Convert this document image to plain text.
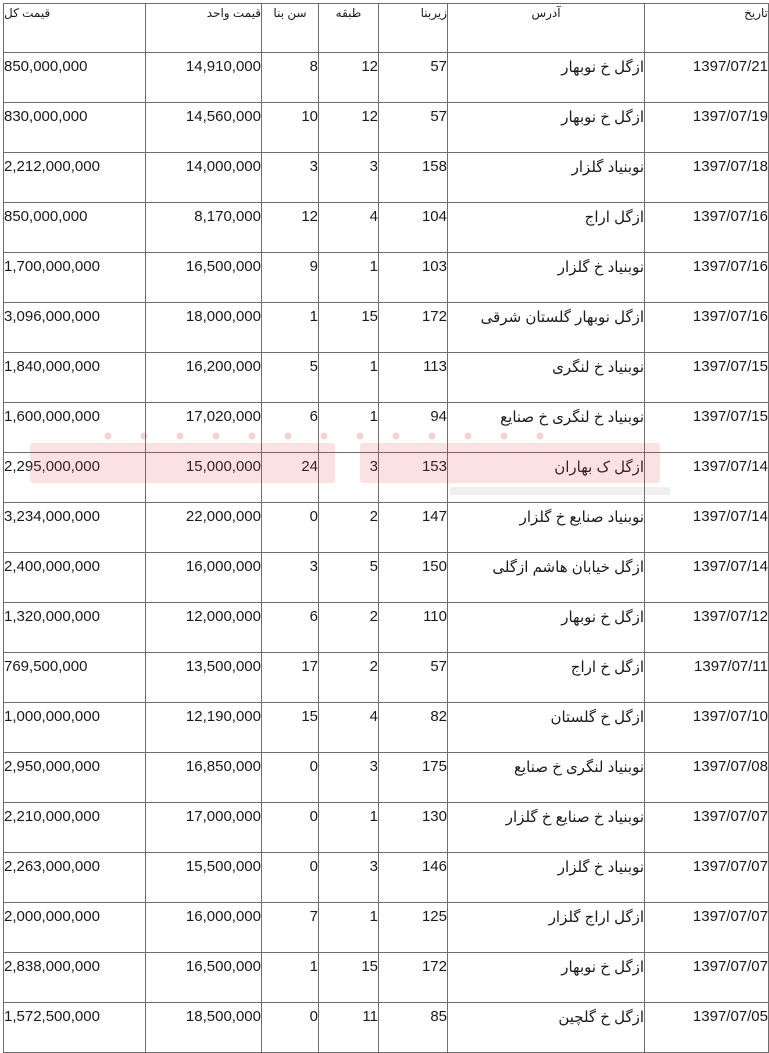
قیمت کل	قیمت واحد	سن بنا	طبقه	زیربنا	آدرس	تاریخ
850,000,000	14,910,000	8	12	57	ازگل خ نوبهار	1397/07/21
830,000,000	14,560,000	10	12	57	ازگل خ نوبهار	1397/07/19
2,212,000,000	14,000,000	3	3	158	نوبنیاد گلزار	1397/07/18
850,000,000	8,170,000	12	4	104	ازگل اراج	1397/07/16
1,700,000,000	16,500,000	9	1	103	نوبنیاد خ گلزار	1397/07/16
3,096,000,000	18,000,000	1	15	172	ازگل نوبهار گلستان شرقی	1397/07/16
1,840,000,000	16,200,000	5	1	113	نوبنیاد خ لنگری	1397/07/15
1,600,000,000	17,020,000	6	1	94	نوبنیاد خ لنگری خ صنایع	1397/07/15
2,295,000,000	15,000,000	24	3	153	ازگل ک بهاران	1397/07/14
3,234,000,000	22,000,000	0	2	147	نوبنیاد صنایع خ گلزار	1397/07/14
2,400,000,000	16,000,000	3	5	150	ازگل خیابان هاشم ازگلی	1397/07/14
1,320,000,000	12,000,000	6	2	110	ازگل خ نوبهار	1397/07/12
769,500,000	13,500,000	17	2	57	ازگل خ اراج	1397/07/11
1,000,000,000	12,190,000	15	4	82	ازگل خ گلستان	1397/07/10
2,950,000,000	16,850,000	0	3	175	نوبنیاد لنگری خ صنایع	1397/07/08
2,210,000,000	17,000,000	0	1	130	نوبنیاد خ صنایع خ گلزار	1397/07/07
2,263,000,000	15,500,000	0	3	146	نوبنیاد خ گلزار	1397/07/07
2,000,000,000	16,000,000	7	1	125	ازگل اراج گلزار	1397/07/07
2,838,000,000	16,500,000	1	15	172	ازگل خ نوبهار	1397/07/07
1,572,500,000	18,500,000	0	11	85	ازگل خ گلچین	1397/07/05
